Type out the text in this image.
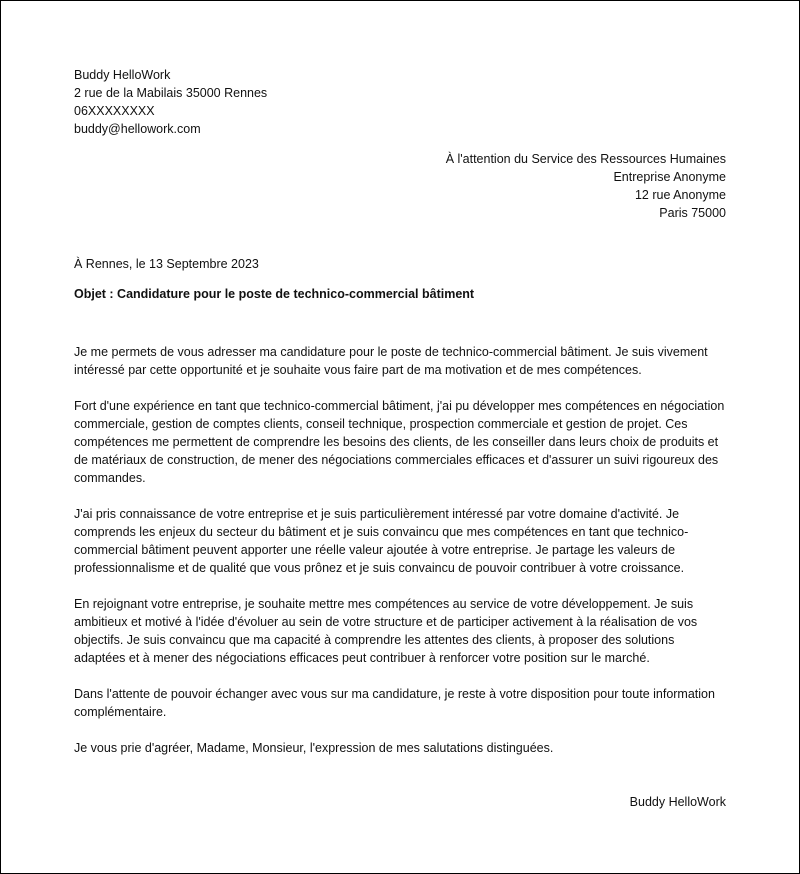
Buddy HelloWork
2 rue de la Mabilais 35000 Rennes
06XXXXXXXX
buddy@hellowork.com
À l'attention du Service des Ressources Humaines
Entreprise Anonyme
12 rue Anonyme
Paris 75000
À Rennes, le 13 Septembre 2023
Objet : Candidature pour le poste de technico-commercial bâtiment

Je me permets de vous adresser ma candidature pour le poste de technico-commercial bâtiment. Je suis vivement intéressé par cette opportunité et je souhaite vous faire part de ma motivation et de mes compétences.

Fort d'une expérience en tant que technico-commercial bâtiment, j'ai pu développer mes compétences en négociation commerciale, gestion de comptes clients, conseil technique, prospection commerciale et gestion de projet. Ces compétences me permettent de comprendre les besoins des clients, de les conseiller dans leurs choix de produits et de matériaux de construction, de mener des négociations commerciales efficaces et d'assurer un suivi rigoureux des commandes.

J'ai pris connaissance de votre entreprise et je suis particulièrement intéressé par votre domaine d'activité. Je comprends les enjeux du secteur du bâtiment et je suis convaincu que mes compétences en tant que technico-commercial bâtiment peuvent apporter une réelle valeur ajoutée à votre entreprise. Je partage les valeurs de professionnalisme et de qualité que vous prônez et je suis convaincu de pouvoir contribuer à votre croissance.

En rejoignant votre entreprise, je souhaite mettre mes compétences au service de votre développement. Je suis ambitieux et motivé à l'idée d'évoluer au sein de votre structure et de participer activement à la réalisation de vos objectifs. Je suis convaincu que ma capacité à comprendre les attentes des clients, à proposer des solutions adaptées et à mener des négociations efficaces peut contribuer à renforcer votre position sur le marché.

Dans l'attente de pouvoir échanger avec vous sur ma candidature, je reste à votre disposition pour toute information complémentaire.

Je vous prie d'agréer, Madame, Monsieur, l'expression de mes salutations distinguées.

Buddy HelloWork
